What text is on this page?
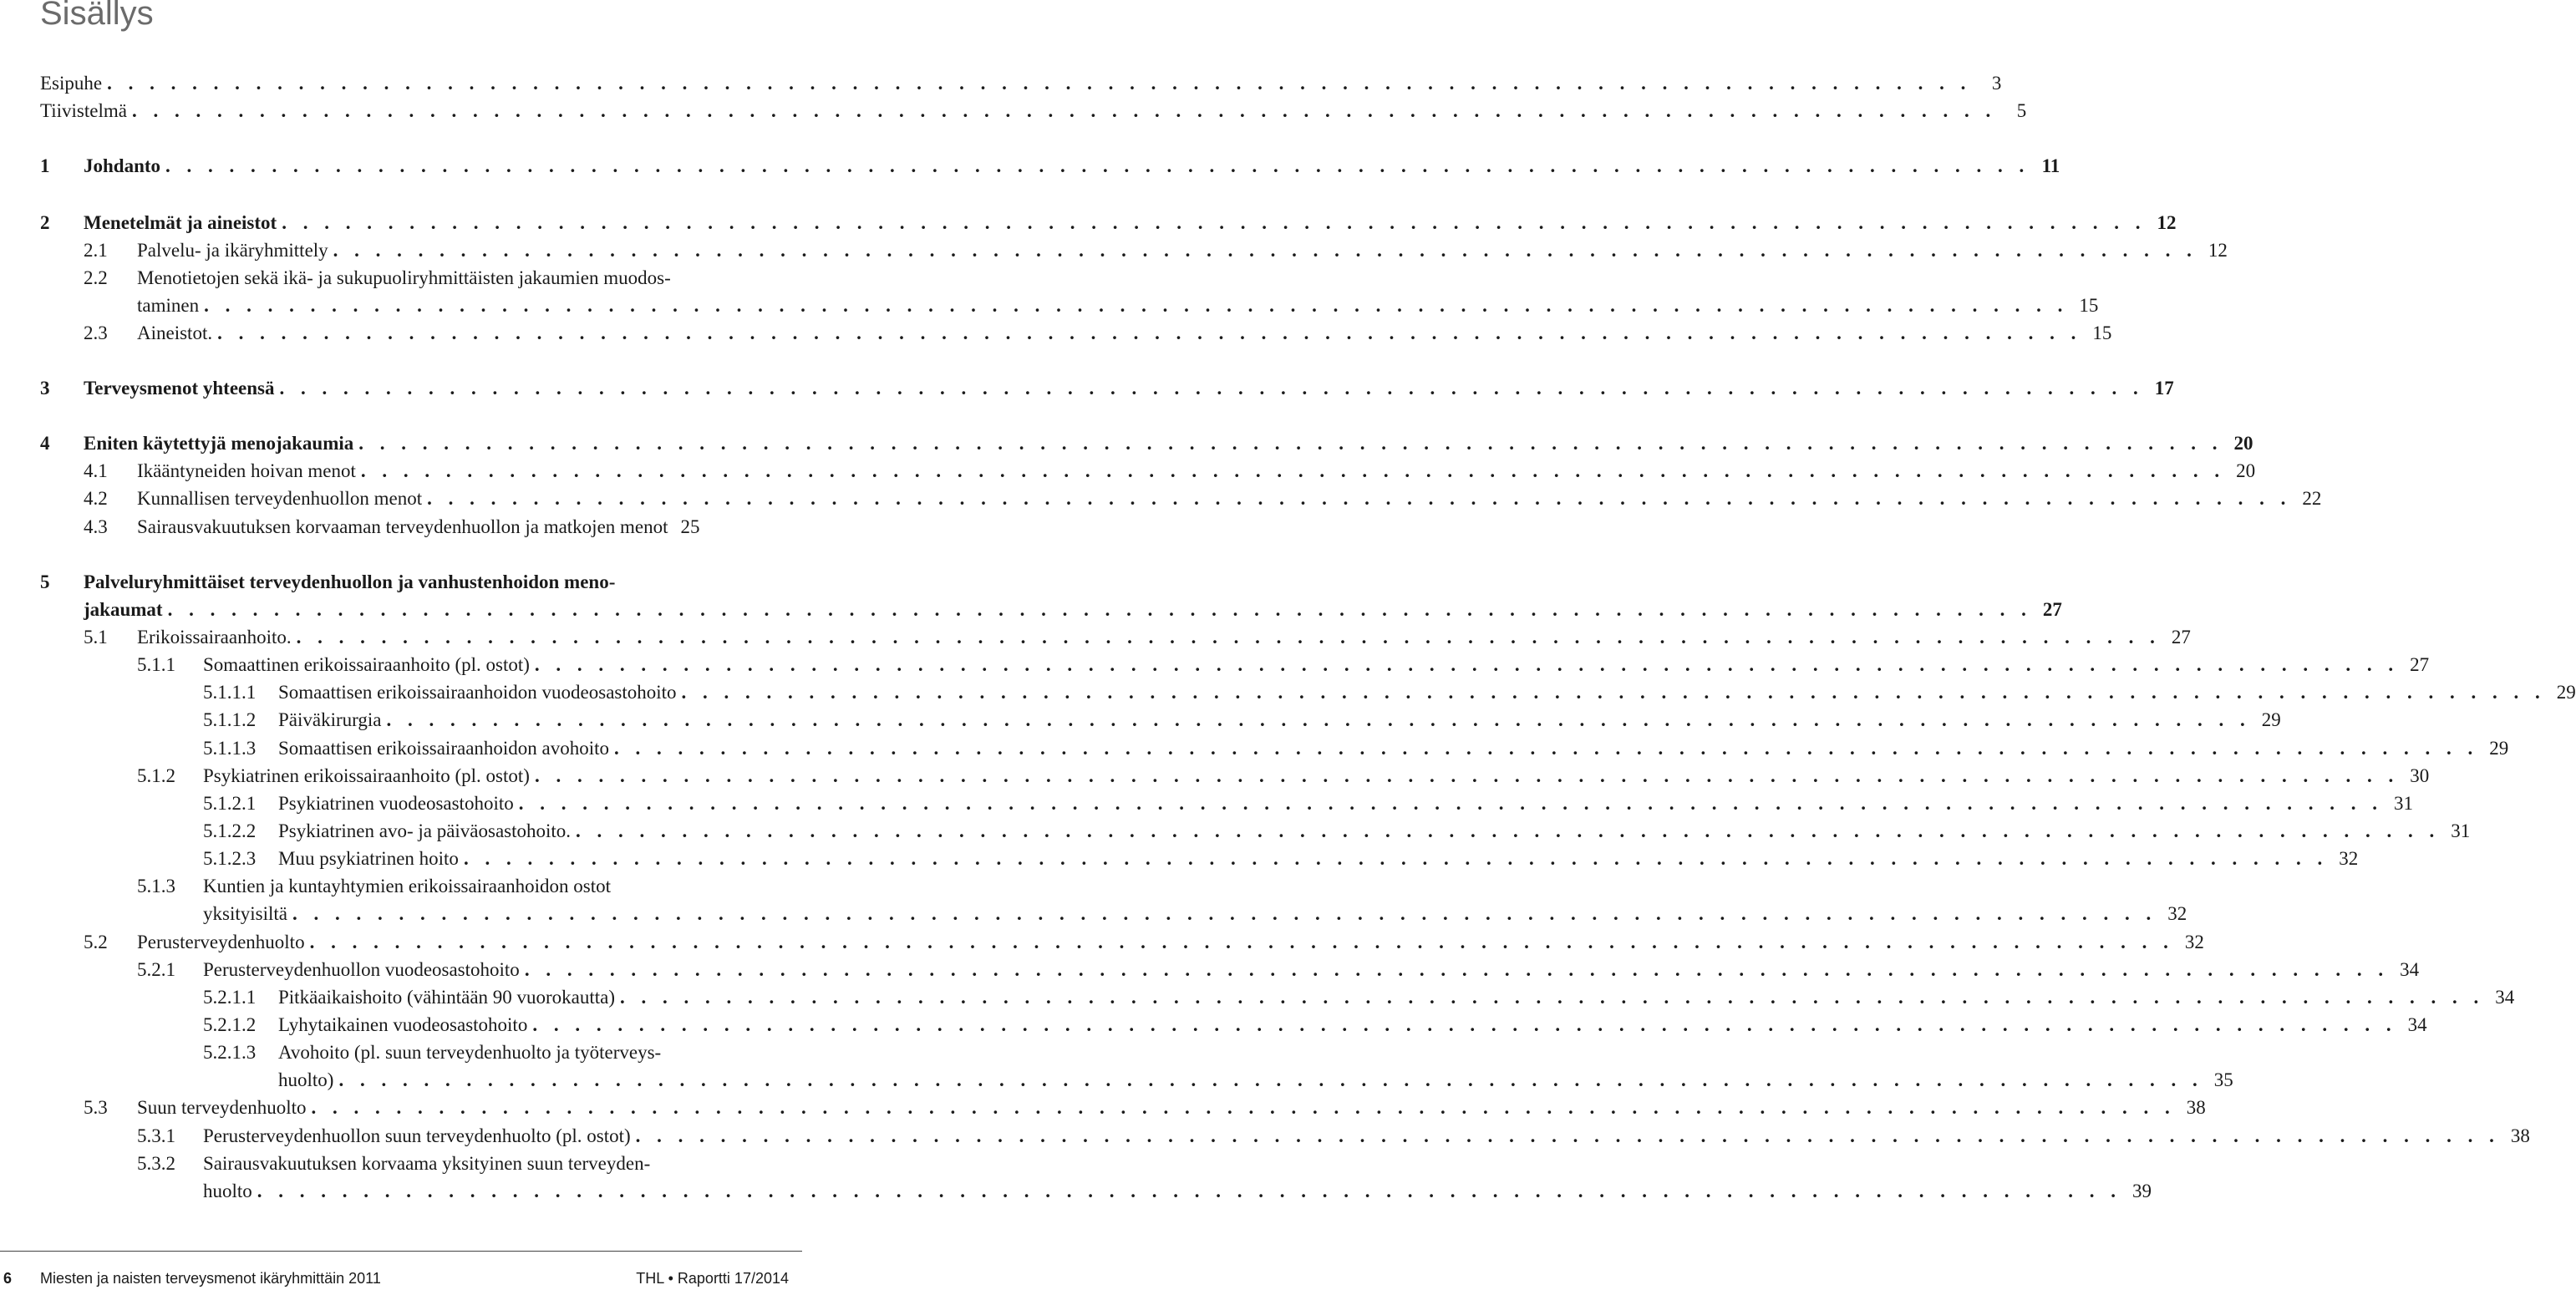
Sisällys
Esipuhe . . .	3
Tiivistelmä . . .	5
1 Johdanto . . .	11
2 Menetelmät ja aineistot . . .	12
2.1 Palvelu- ja ikäryhmittely . . .	12
2.2 Menotietojen sekä ikä- ja sukupuoliryhmittäisten jakaumien muodos-
taminen . . .	15
2.3 Aineistot. . . .	15
3 Terveysmenot yhteensä . . .	17
4 Eniten käytettyjä menojakaumia . . .	20
4.1 Ikääntyneiden hoivan menot . . .	20
4.2 Kunnallisen terveydenhuollon menot . . .	22
4.3 Sairausvakuutuksen korvaaman terveydenhuollon ja matkojen menot 25
5 Palveluryhmittäiset terveydenhuollon ja vanhustenhoidon meno-
jakaumat . . .	27
5.1 Erikoissairaanhoito. . . .	27
5.1.1 Somaattinen erikoissairaanhoito (pl. ostot) . . .	27
5.1.1.1 Somaattisen erikoissairaanhoidon vuodeosastohoito . . .	29
5.1.1.2 Päiväkirurgia . . .	29
5.1.1.3 Somaattisen erikoissairaanhoidon avohoito . . .	29
5.1.2 Psykiatrinen erikoissairaanhoito (pl. ostot) . . .	30
5.1.2.1 Psykiatrinen vuodeosastohoito . . .	31
5.1.2.2 Psykiatrinen avo- ja päiväosastohoito. . . .	31
5.1.2.3 Muu psykiatrinen hoito . . .	32
5.1.3 Kuntien ja kuntayhtymien erikoissairaanhoidon ostot
yksityisiltä . . .	32
5.2 Perusterveydenhuolto . . .	32
5.2.1 Perusterveydenhuollon vuodeosastohoito . . .	34
5.2.1.1 Pitkäaikaishoito (vähintään 90 vuorokautta) . . .	34
5.2.1.2 Lyhytaikainen vuodeosastohoito . . .	34
5.2.1.3 Avohoito (pl. suun terveydenhuolto ja työterveys-
huolto) . . .	35
5.3 Suun terveydenhuolto . . .	38
5.3.1 Perusterveydenhuollon suun terveydenhuolto (pl. ostot) . . .	38
5.3.2 Sairausvakuutuksen korvaama yksityinen suun terveyden-
huolto . . .	39
6 Miesten ja naisten terveysmenot ikäryhmittäin 2011	THL • Raportti 17/2014
